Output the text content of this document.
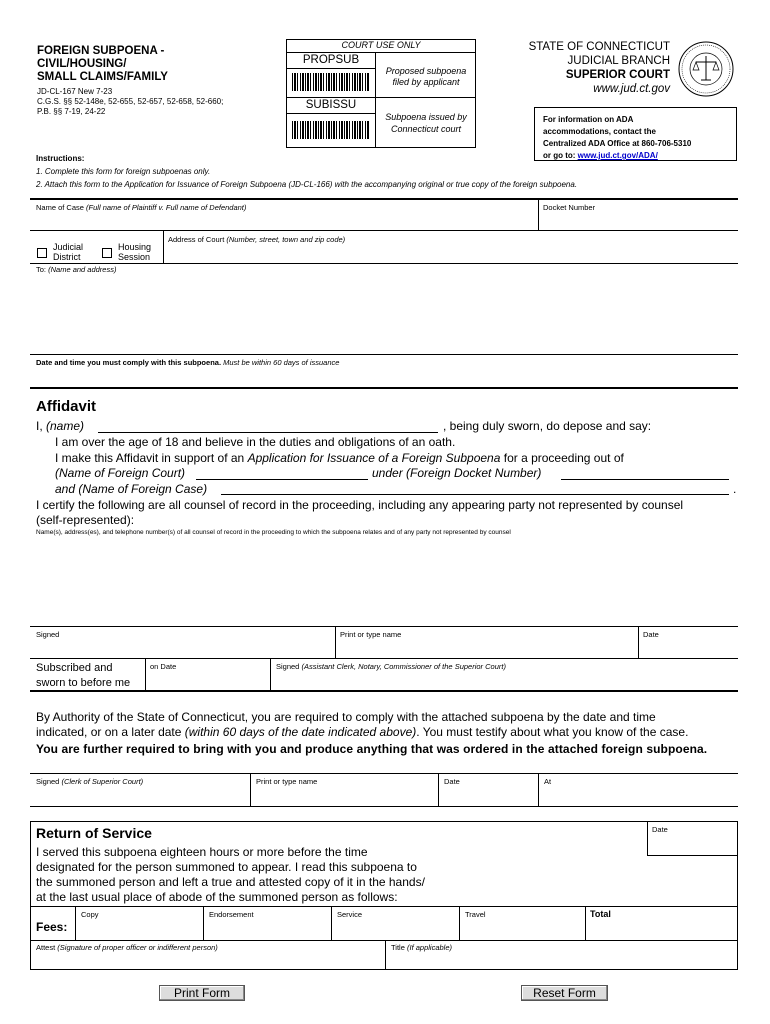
FOREIGN SUBPOENA -
CIVIL/HOUSING/
SMALL CLAIMS/FAMILY
JD-CL-167 New 7-23
C.G.S. §§ 52-148e, 52-655, 52-657, 52-658, 52-660;
P.B. §§ 7-19, 24-22
COURT USE ONLY
PROPSUB
Proposed subpoena filed by applicant
SUBISSU
Subpoena issued by Connecticut court
STATE OF CONNECTICUT
JUDICIAL BRANCH
SUPERIOR COURT
www.jud.ct.gov
For information on ADA
accommodations, contact the
Centralized ADA Office at 860-706-5310
or go to: www.jud.ct.gov/ADA/
Instructions:
1. Complete this form for foreign subpoenas only.
2. Attach this form to the Application for Issuance of Foreign Subpoena (JD-CL-166) with the accompanying original or true copy of the foreign subpoena.
Name of Case (Full name of Plaintiff v. Full name of Defendant)	Docket Number
Judicial
District
Housing
Session
Address of Court (Number, street, town and zip code)
To: (Name and address)
Date and time you must comply with this subpoena. Must be within 60 days of issuance
Affidavit
I, (name)	, being duly sworn, do depose and say:
I am over the age of 18 and believe in the duties and obligations of an oath.
I make this Affidavit in support of an Application for Issuance of a Foreign Subpoena for a proceeding out of
(Name of Foreign Court)	under (Foreign Docket Number)
and (Name of Foreign Case)	.
I certify the following are all counsel of record in the proceeding, including any appearing party not represented by counsel
(self-represented):
Name(s), address(es), and telephone number(s) of all counsel of record in the proceeding to which the subpoena relates and of any party not represented by counsel
Signed	Print or type name	Date
Subscribed and
sworn to before me
on Date	Signed (Assistant Clerk, Notary, Commissioner of the Superior Court)
By Authority of the State of Connecticut, you are required to comply with the attached subpoena by the date and time
indicated, or on a later date (within 60 days of the date indicated above). You must testify about what you know of the case.
You are further required to bring with you and produce anything that was ordered in the attached foreign subpoena.
Signed (Clerk of Superior Court)	Print or type name	Date	At
Return of Service	Date
I served this subpoena eighteen hours or more before the time
designated for the person summoned to appear. I read this subpoena to
the summoned person and left a true and attested copy of it in the hands/
at the last usual place of abode of the summoned person as follows:
Fees:
Copy	Endorsement	Service	Travel	Total
Attest (Signature of proper officer or indifferent person)	Title (If applicable)
Print Form	Reset Form
